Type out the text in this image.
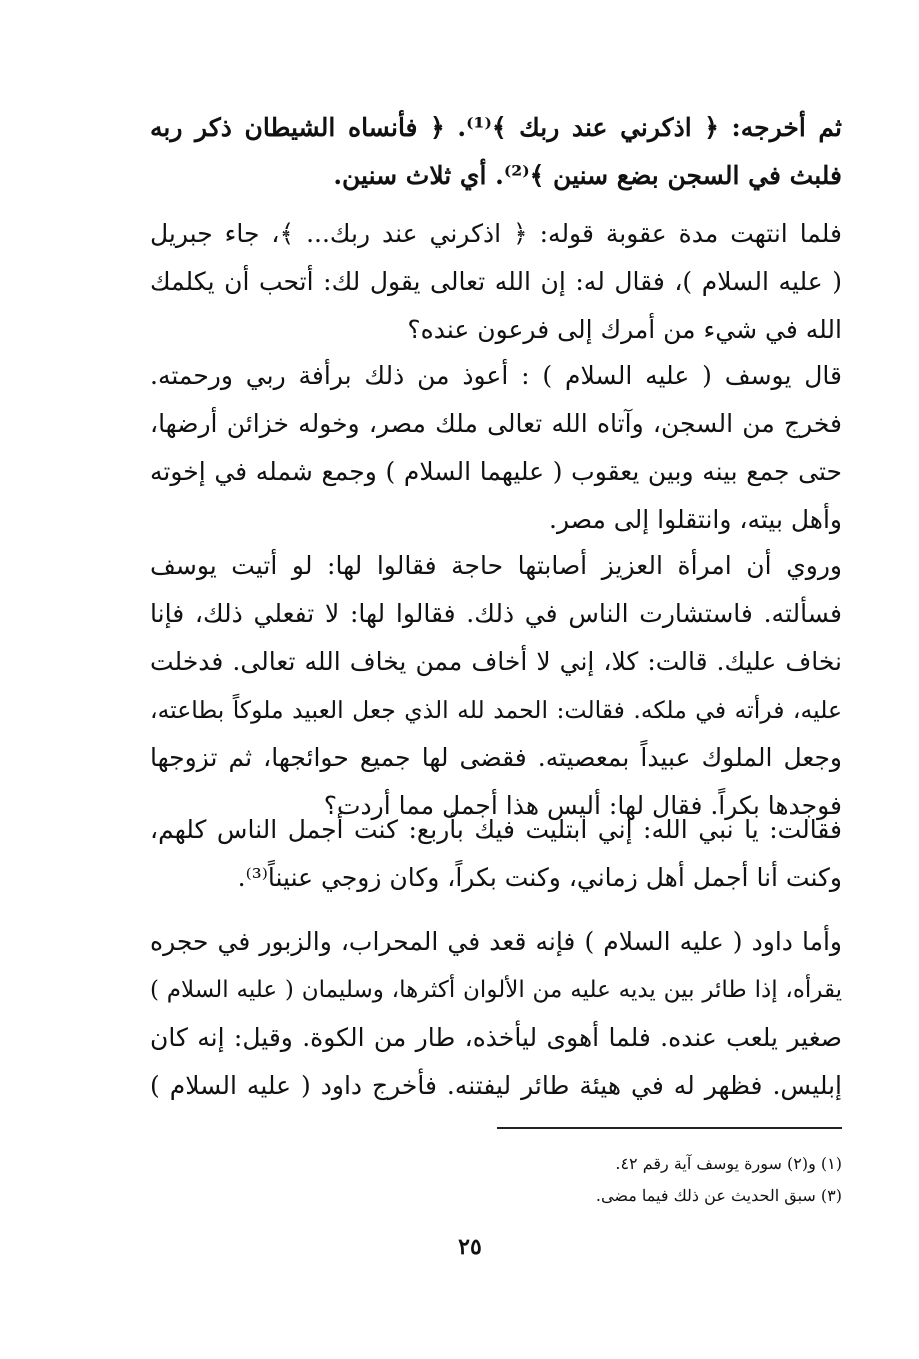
ثم أخرجه: ﴿ اذكرني عند ربك ﴾⁽¹⁾. ﴿ فأنساه الشيطان ذكر ربه
فلبث في السجن بضع سنين ﴾⁽²⁾. أي ثلاث سنين.
فلما انتهت مدة عقوبة قوله: ﴿ اذكرني عند ربك... ﴾، جاء جبريل
( عليه السلام )، فقال له: إن الله تعالى يقول لك: أتحب أن يكلمك
الله في شيء من أمرك إلى فرعون عنده؟
قال يوسف ( عليه السلام ) : أعوذ من ذلك برأفة ربي ورحمته.
فخرج من السجن، وآتاه الله تعالى ملك مصر، وخوله خزائن أرضها،
حتى جمع بينه وبين يعقوب ( عليهما السلام ) وجمع شمله في إخوته
وأهل بيته، وانتقلوا إلى مصر.
وروي أن امرأة العزيز أصابتها حاجة فقالوا لها: لو أتيت يوسف
فسألته. فاستشارت الناس في ذلك. فقالوا لها: لا تفعلي ذلك، فإنا
نخاف عليك. قالت: كلا، إني لا أخاف ممن يخاف الله تعالى. فدخلت
عليه، فرأته في ملكه. فقالت: الحمد لله الذي جعل العبيد ملوكاً بطاعته،
وجعل الملوك عبيداً بمعصيته. فقضى لها جميع حوائجها، ثم تزوجها
فوجدها بكراً. فقال لها: أليس هذا أجمل مما أردت؟
فقالت: يا نبي الله: إني ابتليت فيك بأربع: كنت أجمل الناس كلهم،
وكنت أنا أجمل أهل زماني، وكنت بكراً، وكان زوجي عنيناً⁽³⁾.
وأما داود ( عليه السلام ) فإنه قعد في المحراب، والزبور في حجره
يقرأه، إذا طائر بين يديه عليه من الألوان أكثرها، وسليمان ( عليه السلام )
صغير يلعب عنده. فلما أهوى ليأخذه، طار من الكوة. وقيل: إنه كان
إبليس. فظهر له في هيئة طائر ليفتنه. فأخرج داود ( عليه السلام )
(١) و(٢) سورة يوسف آية رقم ٤٢.
(٣) سبق الحديث عن ذلك فيما مضى.
٢٥
